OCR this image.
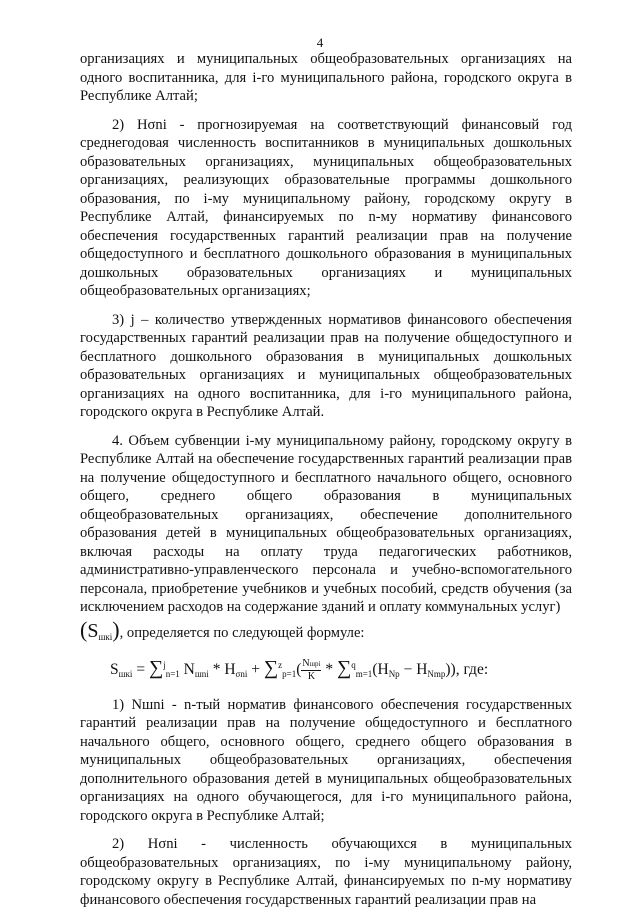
4

организациях и муниципальных общеобразовательных организациях на одного воспитанника, для i-го муниципального района, городского округа в Республике Алтай;

2) Hσni - прогнозируемая на соответствующий финансовый год среднегодовая численность воспитанников в муниципальных дошкольных образовательных организациях, муниципальных общеобразовательных организациях, реализующих образовательные программы дошкольного образования, по i-му муниципальному району, городскому округу в Республике Алтай, финансируемых по n-му нормативу финансового обеспечения государственных гарантий реализации прав на получение общедоступного и бесплатного дошкольного образования в муниципальных дошкольных образовательных организациях и муниципальных общеобразовательных организациях;

3) j – количество утвержденных нормативов финансового обеспечения государственных гарантий реализации прав на получение общедоступного и бесплатного дошкольного образования в муниципальных дошкольных образовательных организациях и муниципальных общеобразовательных организациях на одного воспитанника, для i-го муниципального района, городского округа в Республике Алтай.

4. Объем субвенции i-му муниципальному району, городскому округу в Республике Алтай на обеспечение государственных гарантий реализации прав на получение общедоступного и бесплатного начального общего, основного общего, среднего общего образования в муниципальных общеобразовательных организациях, обеспечение дополнительного образования детей в муниципальных общеобразовательных организациях, включая расходы на оплату труда педагогических работников, административно-управленческого персонала и учебно-вспомогательного персонала, приобретение учебников и учебных пособий, средств обучения (за исключением расходов на содержание зданий и оплату коммунальных услуг)

$(S_{шкi})$, определяется по следующей формуле:
$S_{шкi} = \sum^j_{n=1}$ $N_{шni} * H_{\sigma ni} + \sum^z_{p=1}( \frac{\text{Nшpi}}{K} * \sum^q_{m=1}(H_{Np} - H_{Nmp}))$, где:

1) Nшni - n-тый норматив финансового обеспечения государственных гарантий реализации прав на получение общедоступного и бесплатного начального общего, основного общего, среднего общего образования в муниципальных общеобразовательных организациях, обеспечения дополнительного образования детей в муниципальных общеобразовательных организациях на одного обучающегося, для i-го муниципального района, городского округа в Республике Алтай;

2) Hσni - численность обучающихся в муниципальных общеобразовательных организациях, по i-му муниципальному району, городскому округу в Республике Алтай, финансируемых по n-му нормативу финансового обеспечения государственных гарантий реализации прав на
